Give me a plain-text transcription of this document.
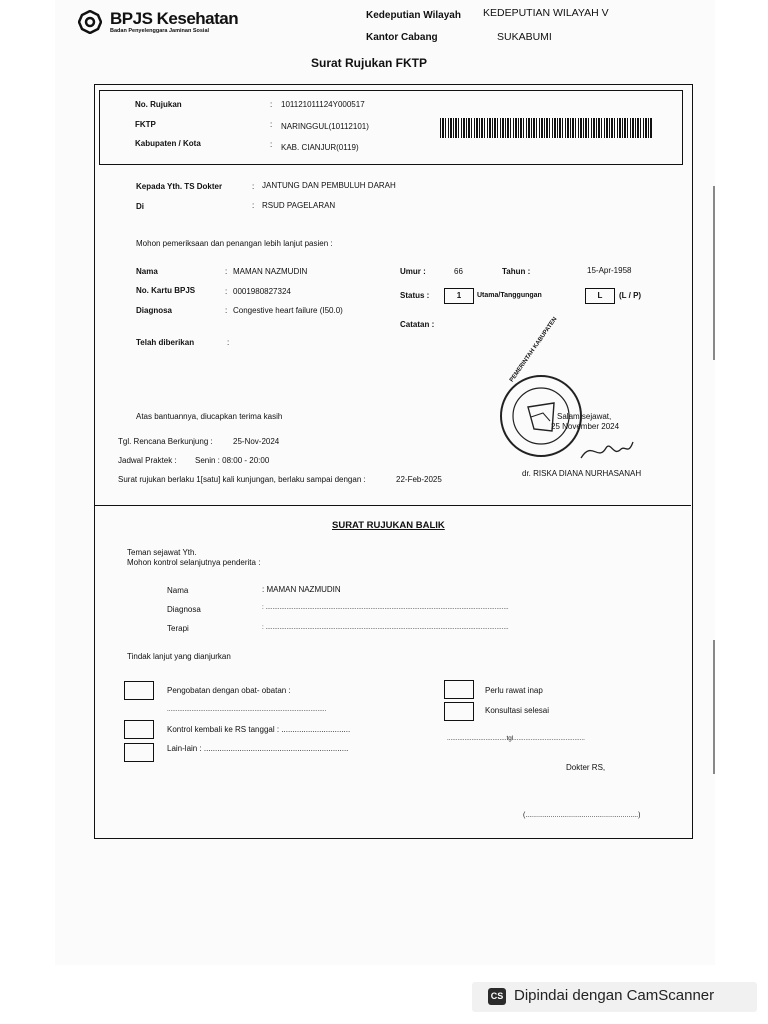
BPJS Kesehatan
Badan Penyelenggara Jaminan Sosial
Kedeputian Wilayah KEDEPUTIAN WILAYAH V
Kantor Cabang	SUKABUMI
Surat Rujukan FKTP
No. Rujukan	: 101121011124Y000517
FKTP	: NARINGGUL(10112101)
Kabupaten / Kota	: KAB. CIANJUR(0119)
Kepada Yth. TS Dokter	: JANTUNG DAN PEMBULUH DARAH
Di	: RSUD PAGELARAN
Mohon pemeriksaan dan penangan lebih lanjut pasien :
Nama	: MAMAN NAZMUDIN
No. Kartu BPJS	: 0001980827324
Diagnosa	: Congestive heart failure (I50.0)
Telah diberikan	:
Umur :	66	Tahun :	15-Apr-1958
Status :	1	Utama/Tanggungan	L	(L / P)
Catatan :
Atas bantuannya, diucapkan terima kasih
Tgl. Rencana Berkunjung :	25-Nov-2024
Jadwal Praktek : Senin : 08:00 - 20:00
Surat rujukan berlaku 1[satu] kali kunjungan, berlaku sampai dengan :	22-Feb-2025
PEMERINTAH KABUPATEN
Salam sejawat,
25 November 2024
dr. RISKA DIANA NURHASANAH
SURAT RUJUKAN BALIK
Teman sejawat Yth.
Mohon kontrol selanjutnya penderita :
Nama	: MAMAN NAZMUDIN
Diagnosa	: ...........................................................................................................................................
Terapi	: ...........................................................................................................................................
Tindak lanjut yang dianjurkan
Pengobatan dengan obat- obatan :
...........................................................................................
Kontrol kembali ke RS tanggal : ...............................
Lain-lain : .................................................................
Perlu rawat inap
Konsultasi selesai
..................................tgl.........................................
Dokter RS,
(..........................................................)
CS Dipindai dengan CamScanner
